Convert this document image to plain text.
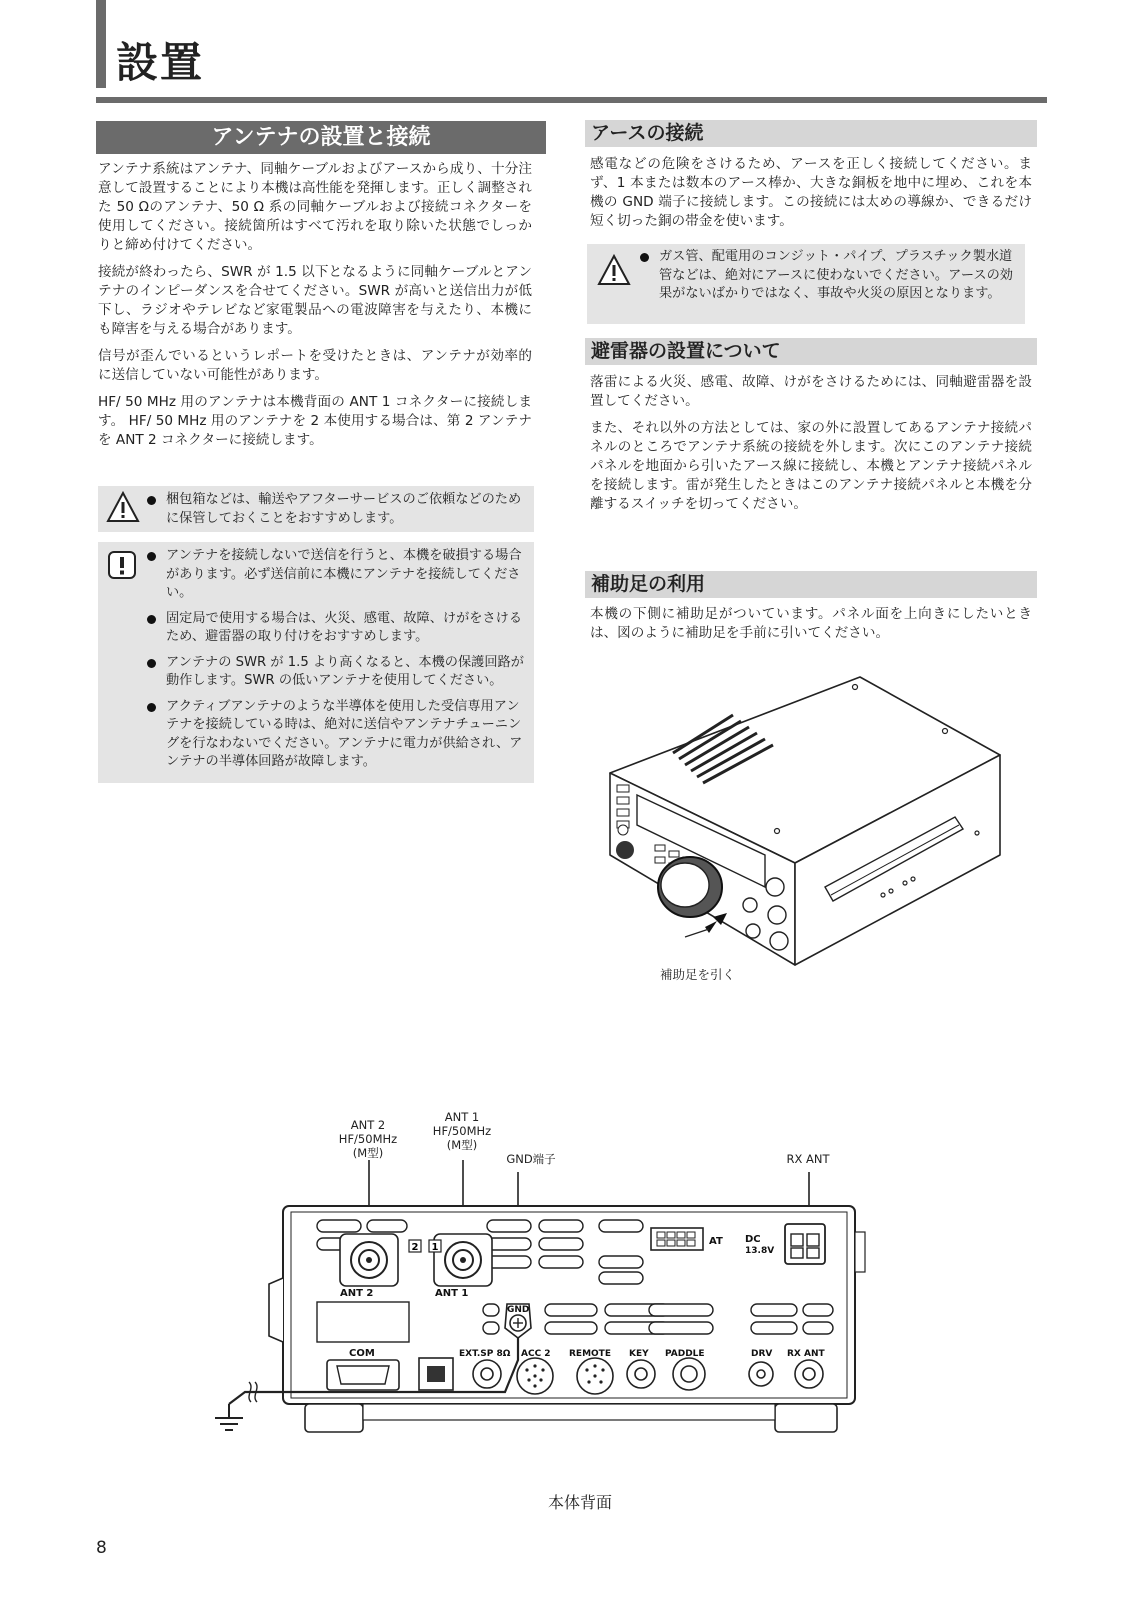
設置
アンテナの設置と接続

アンテナ系統はアンテナ、同軸ケーブルおよびアースから成り、十分注意して設置することにより本機は高性能を発揮します。正しく調整された 50 Ωのアンテナ、50 Ω 系の同軸ケーブルおよび接続コネクターを使用してください。接続箇所はすべて汚れを取り除いた状態でしっかりと締め付けてください。

接続が終わったら、SWR が 1.5 以下となるように同軸ケーブルとアンテナのインピーダンスを合せてください。SWR が高いと送信出力が低下し、ラジオやテレビなど家電製品への電波障害を与えたり、本機にも障害を与える場合があります。

信号が歪んでいるというレポートを受けたときは、アンテナが効率的に送信していない可能性があります。

HF/ 50 MHz 用のアンテナは本機背面の ANT 1 コネクターに接続します。 HF/ 50 MHz 用のアンテナを 2 本使用する場合は、第 2 アンテナを ANT 2 コネクターに接続します。

梱包箱などは、輸送やアフターサービスのご依頼などのために保管しておくことをおすすめします。
アンテナを接続しないで送信を行うと、本機を破損する場合があります。必ず送信前に本機にアンテナを接続してください。
固定局で使用する場合は、火災、感電、故障、けがをさけるため、避雷器の取り付けをおすすめします。
アンテナの SWR が 1.5 より高くなると、本機の保護回路が動作します。SWR の低いアンテナを使用してください。
アクティブアンテナのような半導体を使用した受信専用アンテナを接続している時は、絶対に送信やアンテナチューニングを行なわないでください。アンテナに電力が供給され、アンテナの半導体回路が故障します。
アースの接続

感電などの危険をさけるため、アースを正しく接続してください。まず、1 本または数本のアース棒か、大きな銅板を地中に埋め、これを本機の GND 端子に接続します。この接続には太めの導線か、できるだけ短く切った銅の帯金を使います。

ガス管、配電用のコンジット・パイプ、プラスチック製水道管などは、絶対にアースに使わないでください。アースの効果がないばかりではなく、事故や火災の原因となります。
避雷器の設置について

落雷による火災、感電、故障、けがをさけるためには、同軸避雷器を設置してください。

また、それ以外の方法としては、家の外に設置してあるアンテナ接続パネルのところでアンテナ系統の接続を外します。次にこのアンテナ接続パネルを地面から引いたアース線に接続し、本機とアンテナ接続パネルを接続します。雷が発生したときはこのアンテナ接続パネルと本機を分離するスイッチを切ってください。

補助足の利用

本機の下側に補助足がついています。パネル面を上向きにしたいときは、図のように補助足を手前に引いてください。

補助足を引く
ANT 2
HF/50MHz
(M型)
ANT 1
HF/50MHz
(M型)
GND端子	RX ANT
2 1
ANT 2	ANT 1
AT DC
13.8V
GND
COM	EXT.SP 8Ω ACC 2 REMOTE KEY PADDLE	DRV RX ANT
本体背面
8
